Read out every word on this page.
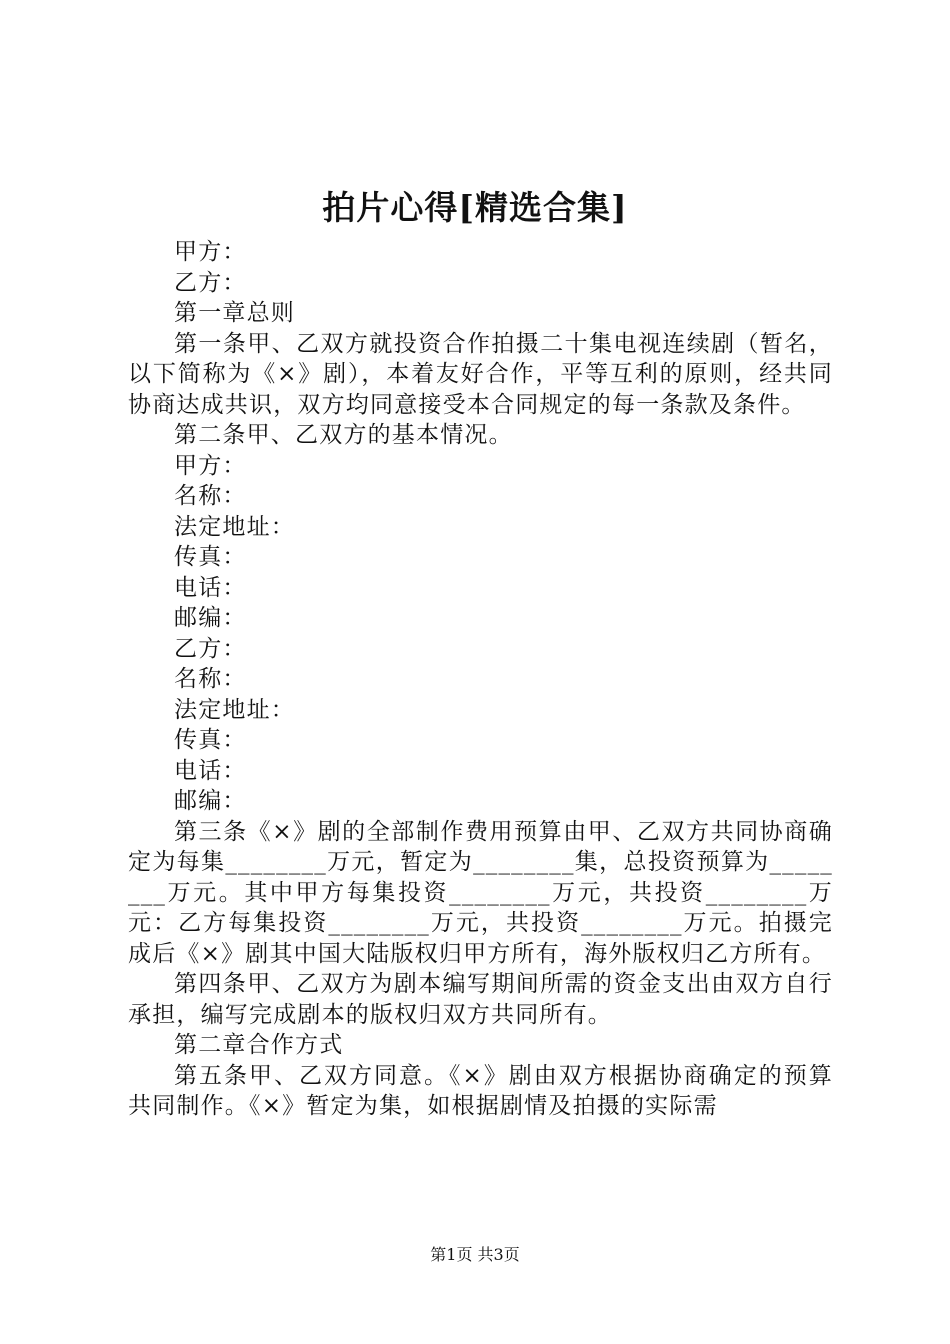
拍片心得[精选合集]

甲方：

乙方：

第一章总则

第一条甲、乙双方就投资合作拍摄二十集电视连续剧（暂名，以下简称为《×》剧），本着友好合作，平等互利的原则，经共同协商达成共识，双方均同意接受本合同规定的每一条款及条件。

第二条甲、乙双方的基本情况。

甲方：

名称：

法定地址：

传真：

电话：

邮编：

乙方：

名称：

法定地址：

传真：

电话：

邮编：

第三条《×》剧的全部制作费用预算由甲、乙双方共同协商确定为每集________万元，暂定为________集，总投资预算为________万元。其中甲方每集投资________万元，共投资________万元：乙方每集投资________万元，共投资________万元。拍摄完成后《×》剧其中国大陆版权归甲方所有，海外版权归乙方所有。

第四条甲、乙双方为剧本编写期间所需的资金支出由双方自行承担，编写完成剧本的版权归双方共同所有。

第二章合作方式

第五条甲、乙双方同意。《×》剧由双方根据协商确定的预算共同制作。《×》暂定为集，如根据剧情及拍摄的实际需

第1页 共3页
